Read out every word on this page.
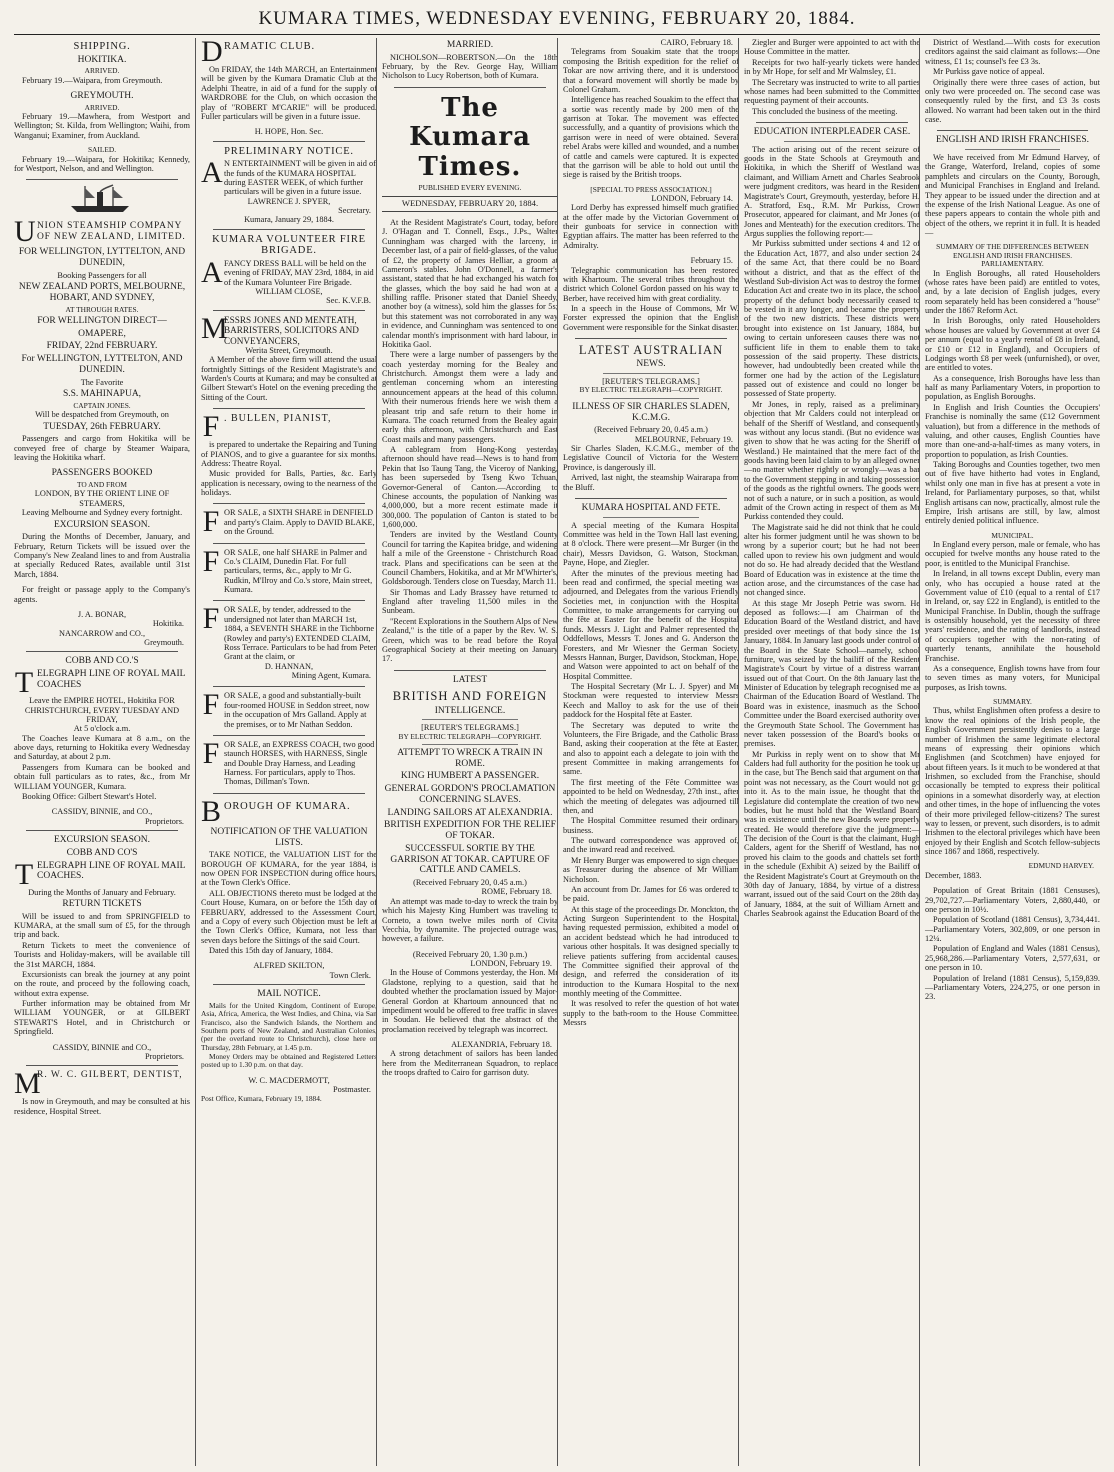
KUMARA TIMES, WEDNESDAY EVENING, FEBRUARY 20, 1884.
SHIPPING.
HOKITIKA.
ARRIVED.

February 19.—Waipara, from Greymouth.

GREYMOUTH.
ARRIVED.

February 19.—Mawhera, from Westport and Wellington; St. Kilda, from Wellington; Waihi, from Wanganui; Examiner, from Auckland.

SAILED.

February 19.—Waipara, for Hokitika; Kennedy, for Westport, Nelson, and and Wellington.

U NION STEAMSHIP COMPANY OF NEW ZEALAND, LIMITED.
FOR WELLINGTON, LYTTELTON, AND DUNEDIN,
Booking Passengers for all
NEW ZEALAND PORTS, MELBOURNE, HOBART, AND SYDNEY,
AT THROUGH RATES.
FOR WELLINGTON DIRECT—
OMAPERE,
FRIDAY, 22nd FEBRUARY.
For WELLINGTON, LYTTELTON, AND DUNEDIN.
The Favorite
S.S. MAHINAPUA,
CAPTAIN JONES.
Will be despatched from Greymouth, on
TUESDAY, 26th FEBRUARY.

Passengers and cargo from Hokitika will be conveyed free of charge by Steamer Waipara, leaving the Hokitika wharf.

PASSENGERS BOOKED
TO AND FROM
LONDON, BY THE ORIENT LINE OF STEAMERS,
Leaving Melbourne and Sydney every fortnight.
EXCURSION SEASON.

During the Months of December, January, and February, Return Tickets will be issued over the Company's New Zealand lines to and from Australia at specially Reduced Rates, available until 31st March, 1884.

For freight or passage apply to the Company's agents.

J. A. BONAR,
Hokitika.
NANCARROW and CO.,
Greymouth.
COBB AND CO.'S
T ELEGRAPH LINE OF ROYAL MAIL COACHES
Leave the EMPIRE HOTEL, Hokitika FOR CHRISTCHURCH, EVERY TUESDAY AND FRIDAY,
At 5 o'clock a.m.

The Coaches leave Kumara at 8 a.m., on the above days, returning to Hokitika every Wednesday and Saturday, at about 2 p.m.

Passengers from Kumara can be booked and obtain full particulars as to rates, &c., from Mr WILLIAM YOUNGER, Kumara.

Booking Office: Gilbert Stewart's Hotel.

CASSIDY, BINNIE, and CO.,
Proprietors.
EXCURSION SEASON.
COBB AND CO'S
T ELEGRAPH LINE OF ROYAL MAIL COACHES.
During the Months of January and February.
RETURN TICKETS

Will be issued to and from SPRINGFIELD to KUMARA, at the small sum of £5, for the through trip and back.

Return Tickets to meet the convenience of Tourists and Holiday-makers, will be available till the 31st MARCH, 1884.

Excursionists can break the journey at any point on the route, and proceed by the following coach, without extra expense.

Further information may be obtained from Mr WILLIAM YOUNGER, or at GILBERT STEWART'S Hotel, and in Christchurch or Springfield.

CASSIDY, BINNIE and CO.,
Proprietors.
M
R. W. C. GILBERT, DENTIST,

Is now in Greymouth, and may be consulted at his residence, Hospital Street.

D RAMATIC CLUB.

On FRIDAY, the 14th MARCH, an Entertainment will be given by the Kumara Dramatic Club at the Adelphi Theatre, in aid of a fund for the supply of WARDROBE for the Club, on which occasion the play of "ROBERT M'CARIE" will be produced. Fuller particulars will be given in a future issue.

H. HOPE, Hon. Sec.
PRELIMINARY NOTICE.
A N ENTERTAINMENT will be given in aid of the funds of the KUMARA HOSPITAL during EASTER WEEK, of which further particulars will be given in a future issue.
LAWRENCE J. SPYER,
Secretary.
Kumara, January 29, 1884.
KUMARA VOLUNTEER FIRE BRIGADE.
A FANCY DRESS BALL will be held on the evening of FRIDAY, MAY 23rd, 1884, in aid of the Kumara Volunteer Fire Brigade.
WILLIAM CLOSE,
Sec. K.V.F.B.
M
ESSRS JONES AND MENTEATH, BARRISTERS, SOLICITORS AND CONVEYANCERS,
Werita Street, Greymouth.

A Member of the above firm will attend the usual fortnightly Sittings of the Resident Magistrate's and Warden's Courts at Kumara; and may be consulted at Gilbert Stewart's Hotel on the evening preceding the Sitting of the Court.

F . BULLEN, PIANIST,

is prepared to undertake the Repairing and Tuning of PIANOS, and to give a guarantee for six months. Address: Theatre Royal.

Music provided for Balls, Parties, &c. Early application is necessary, owing to the nearness of the holidays.

F OR SALE, a SIXTH SHARE in DENFIELD and party's Claim. Apply to DAVID BLAKE, on the Ground.
F OR SALE, one half SHARE in Palmer and Co.'s CLAIM, Dunedin Flat. For full particulars, terms, &c., apply to Mr G. Rudkin, M'Ilroy and Co.'s store, Main street, Kumara.
F OR SALE, by tender, addressed to the undersigned not later than MARCH 1st, 1884, a SEVENTH SHARE in the Tichborne (Rowley and party's) EXTENDED CLAIM, Ross Terrace. Particulars to be had from Peter Grant at the claim, or
D. HANNAN,
Mining Agent, Kumara.
F OR SALE, a good and substantially-built four-roomed HOUSE in Seddon street, now in the occupation of Mrs Galland. Apply at the premises, or to Mr Nathan Seddon.
F OR SALE, an EXPRESS COACH, two good staunch HORSES, with HARNESS, Single and Double Dray Harness, and Leading Harness. For particulars, apply to Thos. Thomas, Dillman's Town.
B OROUGH OF KUMARA.
NOTIFICATION OF THE VALUATION LISTS.

TAKE NOTICE, the VALUATION LIST for the BOROUGH OF KUMARA, for the year 1884, is now OPEN FOR INSPECTION during office hours, at the Town Clerk's Office.

ALL OBJECTIONS thereto must be lodged at the Court House, Kumara, on or before the 15th day of FEBRUARY, addressed to the Assessment Court, and a Copy of every such Objection must be left at the Town Clerk's Office, Kumara, not less than seven days before the Sittings of the said Court.

Dated this 15th day of January, 1884.

ALFRED SKILTON,
Town Clerk.
MAIL NOTICE.

Mails for the United Kingdom, Continent of Europe, Asia, Africa, America, the West Indies, and China, via San Francisco, also the Sandwich Islands, the Northern and Southern ports of New Zealand, and Australian Colonies, (per the overland route to Christchurch), close here on Thursday, 28th February, at 1.45 p.m.

Money Orders may be obtained and Registered Letters posted up to 1.30 p.m. on that day.

W. C. MACDERMOTT,
Postmaster.
Post Office, Kumara, February 19, 1884.
MARRIED.

NICHOLSON—ROBERTSON.—On the 18th February, by the Rev. George Hay, William Nicholson to Lucy Robertson, both of Kumara.

The Kumara Times.
PUBLISHED EVERY EVENING.
WEDNESDAY, FEBRUARY 20, 1884.

At the Resident Magistrate's Court, today, before J. O'Hagan and T. Connell, Esqs., J.Ps., Walter Cunningham was charged with the larceny, in December last, of a pair of field-glasses, of the value of £2, the property of James Helliar, a groom at Cameron's stables. John O'Donnell, a farmer's assistant, stated that he had exchanged his watch for the glasses, which the boy said he had won at a shilling raffle. Prisoner stated that Daniel Sheedy, another boy (a witness), sold him the glasses for 5s; but this statement was not corroborated in any way in evidence, and Cunningham was sentenced to one calendar month's imprisonment with hard labour, in Hokitika Gaol.

There were a large number of passengers by the coach yesterday morning for the Bealey and Christchurch. Amongst them were a lady and gentleman concerning whom an interesting announcement appears at the head of this column. With their numerous friends here we wish them a pleasant trip and safe return to their home in Kumara. The coach returned from the Bealey again early this afternoon, with Christchurch and East Coast mails and many passengers.

A cablegram from Hong-Kong yesterday afternoon should have read—News is to hand from Pekin that Iso Taung Tang, the Viceroy of Nanking, has been superseded by Tseng Kwo Tchuan, Governor-General of Canton.—According to Chinese accounts, the population of Nanking was 4,000,000, but a more recent estimate made it 300,000. The population of Canton is stated to be 1,600,000.

Tenders are invited by the Westland County Council for tarring the Kapitea bridge, and widening half a mile of the Greenstone - Christchurch Road track. Plans and specifications can be seen at the Council Chambers, Hokitika, and at Mr M'Whirter's, Goldsborough. Tenders close on Tuesday, March 11.

Sir Thomas and Lady Brassey have returned to England after traveling 11,500 miles in the Sunbeam.

"Recent Explorations in the Southern Alps of New Zealand," is the title of a paper by the Rev. W. S. Green, which was to be read before the Royal Geographical Society at their meeting on January 17.

LATEST
BRITISH AND FOREIGN
INTELLIGENCE.
[REUTER'S TELEGRAMS.]
BY ELECTRIC TELEGRAPH—COPYRIGHT.
ATTEMPT TO WRECK A TRAIN IN ROME.
KING HUMBERT A PASSENGER.
GENERAL GORDON'S PROCLAMATION CONCERNING SLAVES.
LANDING SAILORS AT ALEXANDRIA.
BRITISH EXPEDITION FOR THE RELIEF OF TOKAR.
SUCCESSFUL SORTIE BY THE GARRISON AT TOKAR. CAPTURE OF CATTLE AND CAMELS.
(Received February 20, 0.45 a.m.)
ROME, February 18.

An attempt was made to-day to wreck the train by which his Majesty King Humbert was traveling to Corneto, a town twelve miles north of Civita Vecchia, by dynamite. The projected outrage was, however, a failure.

(Received February 20, 1.30 p.m.)
LONDON, February 19.

In the House of Commons yesterday, the Hon. Mr Gladstone, replying to a question, said that he doubted whether the proclamation issued by Major-General Gordon at Khartoum announced that no impediment would be offered to free traffic in slaves in Soudan. He believed that the abstract of the proclamation received by telegraph was incorrect.

ALEXANDRIA, February 18.

A strong detachment of sailors has been landed here from the Mediterranean Squadron, to replace the troops drafted to Cairo for garrison duty.

CAIRO, February 18.

Telegrams from Souakim state that the troops composing the British expedition for the relief of Tokar are now arriving there, and it is understood that a forward movement will shortly be made by Colonel Graham.

Intelligence has reached Souakim to the effect that a sortie was recently made by 200 men of the garrison at Tokar. The movement was effected successfully, and a quantity of provisions which the garrison were in need of were obtained. Several rebel Arabs were killed and wounded, and a number of cattle and camels were captured. It is expected that the garrison will be able to hold out until the siege is raised by the British troops.

[SPECIAL TO PRESS ASSOCIATION.]
LONDON, February 14.

Lord Derby has expressed himself much gratified at the offer made by the Victorian Government of their gunboats for service in connection with Egyptian affairs. The matter has been referred to the Admiralty.

February 15.

Telegraphic communication has been restored with Khartoum. The several tribes throughout the district which Colonel Gordon passed on his way to Berber, have received him with great cordiality.

In a speech in the House of Commons, Mr W. Forster expressed the opinion that the English Government were responsible for the Sinkat disaster.

LATEST AUSTRALIAN
NEWS.
[REUTER'S TELEGRAMS.]
BY ELECTRIC TELEGRAPH—COPYRIGHT.
ILLNESS OF SIR CHARLES SLADEN, K.C.M.G.
(Received February 20, 0.45 a.m.)
MELBOURNE, February 19.

Sir Charles Sladen, K.C.M.G., member of the Legislative Council of Victoria for the Western Province, is dangerously ill.

Arrived, last night, the steamship Wairarapa from the Bluff.

KUMARA HOSPITAL AND FETE.

A special meeting of the Kumara Hospital Committee was held in the Town Hall last evening, at 8 o'clock. There were present—Mr Burger (in the chair), Messrs Davidson, G. Watson, Stockman, Payne, Hope, and Ziegler.

After the minutes of the previous meeting had been read and confirmed, the special meeting was adjourned, and Delegates from the various Friendly Societies met, in conjunction with the Hospital Committee, to make arrangements for carrying out the fête at Easter for the benefit of the Hospital funds. Messrs J. Light and Palmer represented the Oddfellows, Messrs T. Jones and G. Anderson the Foresters, and Mr Wiesner the German Society. Messrs Hannan, Burger, Davidson, Stockman, Hope, and Watson were appointed to act on behalf of the Hospital Committee.

The Hospital Secretary (Mr L. J. Spyer) and Mr Stockman were requested to interview Messrs Keech and Malloy to ask for the use of their paddock for the Hospital fête at Easter.

The Secretary was deputed to write the Volunteers, the Fire Brigade, and the Catholic Brass Band, asking their cooperation at the fête at Easter, and also to appoint each a delegate to join with the present Committee in making arrangements for same.

The first meeting of the Fête Committee was appointed to be held on Wednesday, 27th inst., after which the meeting of delegates was adjourned till then, and

The Hospital Committee resumed their ordinary business.

The outward correspondence was approved of, and the inward read and received.

Mr Henry Burger was empowered to sign cheques as Treasurer during the absence of Mr William Nicholson.

An account from Dr. James for £6 was ordered to be paid.

At this stage of the proceedings Dr. Monckton, the Acting Surgeon Superintendent to the Hospital, having requested permission, exhibited a model of an accident bedstead which he had introduced to various other hospitals. It was designed specially to relieve patients suffering from accidental causes. The Committee signified their approval of the design, and referred the consideration of its introduction to the Kumara Hospital to the next monthly meeting of the Committee.

It was resolved to refer the question of hot water supply to the bath-room to the House Committee. Messrs

Ziegler and Burger were appointed to act with the House Committee in the matter.

Receipts for two half-yearly tickets were handed in by Mr Hope, for self and Mr Walmsley, £1.

The Secretary was instructed to write to all parties whose names had been submitted to the Committee requesting payment of their accounts.

This concluded the business of the meeting.

EDUCATION INTERPLEADER CASE.

The action arising out of the recent seizure of goods in the State Schools at Greymouth and Hokitika, in which the Sheriff of Westland was claimant, and William Arnett and Charles Seabrook were judgment creditors, was heard in the Resident Magistrate's Court, Greymouth, yesterday, before H. A. Stratford, Esq., R.M. Mr Purkiss, Crown Prosecutor, appeared for claimant, and Mr Jones (of Jones and Menteath) for the execution creditors. The Argus supplies the following report:—

Mr Purkiss submitted under sections 4 and 12 of the Education Act, 1877, and also under section 24 of the same Act, that there could be no Board without a district, and that as the effect of the Westland Sub-division Act was to destroy the former Education Act and create two in its place, the school property of the defunct body necessarily ceased to be vested in it any longer, and became the property of the two new districts. These districts were brought into existence on 1st January, 1884, but owing to certain unforeseen causes there was not sufficient life in them to enable them to take possession of the said property. These districts, however, had undoubtedly been created while the former one had by the action of the Legislature passed out of existence and could no longer be possessed of State property.

Mr Jones, in reply, raised as a preliminary objection that Mr Calders could not interplead on behalf of the Sheriff of Westland, and consequently was without any locus standi. (But no evidence was given to show that he was acting for the Sheriff of Westland.) He maintained that the mere fact of the goods having been laid claim to by an alleged owner—no matter whether rightly or wrongly—was a bar to the Government stepping in and taking possession of the goods as the rightful owners. The goods were not of such a nature, or in such a position, as would admit of the Crown acting in respect of them as Mr Purkiss contended they could.

The Magistrate said he did not think that he could alter his former judgment until he was shown to be wrong by a superior court; but he had not been called upon to review his own judgment and would not do so. He had already decided that the Westland Board of Education was in existence at the time the action arose, and the circumstances of the case had not changed since.

At this stage Mr Joseph Petrie was sworn. He deposed as follows:—I am Chairman of the Education Board of the Westland district, and have presided over meetings of that body since the 1st January, 1884. In January last goods under control of the Board in the State School—namely, school furniture, was seized by the bailiff of the Resident Magistrate's Court by virtue of a distress warrant issued out of that Court. On the 8th January last the Minister of Education by telegraph recognised me as Chairman of the Education Board of Westland. The Board was in existence, inasmuch as the School Committee under the Board exercised authority over the Greymouth State School. The Government has never taken possession of the Board's books or premises.

Mr Purkiss in reply went on to show that Mr Calders had full authority for the position he took up in the case, but The Bench said that argument on that point was not necessary, as the Court would not go into it. As to the main issue, he thought that the Legislature did contemplate the creation of two new bodies, but he must hold that the Westland Board was in existence until the new Boards were properly created. He would therefore give the judgment:—The decision of the Court is that the claimant, Hugh Calders, agent for the Sheriff of Westland, has not proved his claim to the goods and chattels set forth in the schedule (Exhibit A) seized by the Bailiff of the Resident Magistrate's Court at Greymouth on the 30th day of January, 1884, by virtue of a distress warrant, issued out of the said Court on the 28th day of January, 1884, at the suit of William Arnett and Charles Seabrook against the Education Board of the

District of Westland.—With costs for execution creditors against the said claimant as follows:—One witness, £1 1s; counsel's fee £3 3s.

Mr Purkiss gave notice of appeal.

Originally there were three cases of action, but only two were proceeded on. The second case was consequently ruled by the first, and £3 3s costs allowed. No warrant had been taken out in the third case.

ENGLISH AND IRISH FRANCHISES.

We have received from Mr Edmund Harvey, of the Grange, Waterford, Ireland, copies of some pamphlets and circulars on the County, Borough, and Municipal Franchises in England and Ireland. They appear to be issued under the direction and at the expense of the Irish National League. As one of these papers appears to contain the whole pith and object of the others, we reprint it in full. It is headed—

SUMMARY OF THE DIFFERENCES BETWEEN ENGLISH AND IRISH FRANCHISES.
PARLIAMENTARY.

In English Boroughs, all rated Householders (whose rates have been paid) are entitled to votes, and, by a late decision of English judges, every room separately held has been considered a "house" under the 1867 Reform Act.

In Irish Boroughs, only rated Householders whose houses are valued by Government at over £4 per annum (equal to a yearly rental of £8 in Ireland, or £10 or £12 in England), and Occupiers of Lodgings worth £8 per week (unfurnished), or over, are entitled to votes.

As a consequence, Irish Boroughs have less than half as many Parliamentary Voters, in proportion to population, as English Boroughs.

In English and Irish Counties the Occupiers' Franchise is nominally the same (£12 Government valuation), but from a difference in the methods of valuing, and other causes, English Counties have more than one-and-a-half-times as many voters, in proportion to population, as Irish Counties.

Taking Boroughs and Counties together, two men out of five have hitherto had votes in England, whilst only one man in five has at present a vote in Ireland, for Parliamentary purposes, so that, whilst English artisans can now, practically, almost rule the Empire, Irish artisans are still, by law, almost entirely denied political influence.

MUNICIPAL.

In England every person, male or female, who has occupied for twelve months any house rated to the poor, is entitled to the Municipal Franchise.

In Ireland, in all towns except Dublin, every man only, who has occupied a house rated at the Government value of £10 (equal to a rental of £17 in Ireland, or, say £22 in England), is entitled to the Municipal Franchise. In Dublin, though the suffrage is ostensibly household, yet the necessity of three years' residence, and the rating of landlords, instead of occupiers together with the non-rating of quarterly tenants, annihilate the household Franchise.

As a consequence, English towns have from four to seven times as many voters, for Municipal purposes, as Irish towns.

SUMMARY.

Thus, whilst Englishmen often profess a desire to know the real opinions of the Irish people, the English Government persistently denies to a large number of Irishmen the same legitimate electoral means of expressing their opinions which Englishmen (and Scotchmen) have enjoyed for about fifteen years. Is it much to be wondered at that Irishmen, so excluded from the Franchise, should occasionally be tempted to express their political opinions in a somewhat disorderly way, at election and other times, in the hope of influencing the votes of their more privileged fellow-citizens? The surest way to lessen, or prevent, such disorders, is to admit Irishmen to the electoral privileges which have been enjoyed by their English and Scotch fellow-subjects since 1867 and 1868, respectively.

EDMUND HARVEY.
December, 1883.

Population of Great Britain (1881 Censuses), 29,702,727.—Parliamentary Voters, 2,880,440, or one person in 10½.

Population of Scotland (1881 Census), 3,734,441.—Parliamentary Voters, 302,809, or one person in 12¼.

Population of England and Wales (1881 Census), 25,968,286.—Parliamentary Voters, 2,577,631, or one person in 10.

Population of Ireland (1881 Census), 5,159,839.—Parliamentary Voters, 224,275, or one person in 23.
